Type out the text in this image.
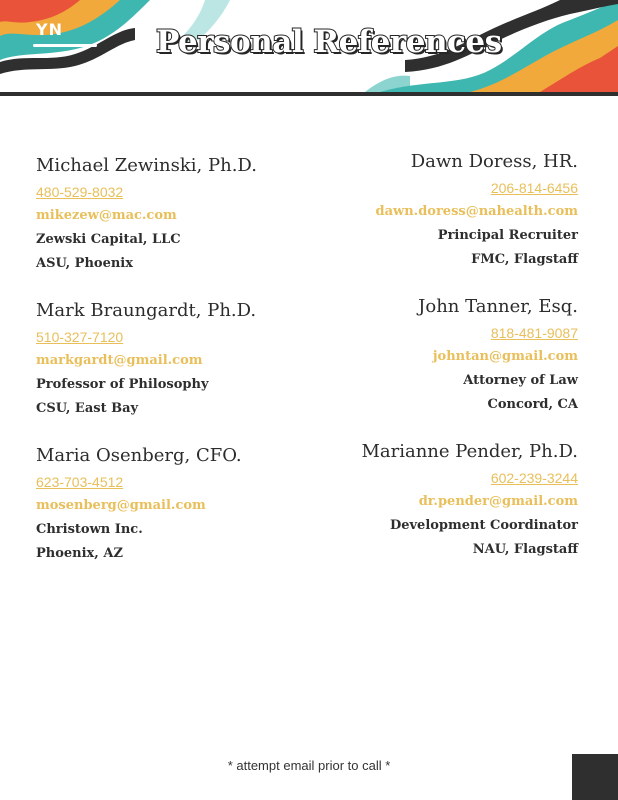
YN	Personal References
Michael Zewinski, Ph.D.
480-529-8032
mikezew@mac.com
Zewski Capital, LLC
ASU, Phoenix
Mark Braungardt, Ph.D.
510-327-7120
markgardt@gmail.com
Professor of Philosophy
CSU, East Bay
Maria Osenberg, CFO.
623-703-4512
mosenberg@gmail.com
Christown Inc.
Phoenix, AZ
Dawn Doress, HR.
206-814-6456
dawn.doress@nahealth.com
Principal Recruiter
FMC, Flagstaff
John Tanner, Esq.
818-481-9087
johntan@gmail.com
Attorney of Law
Concord, CA
Marianne Pender, Ph.D.
602-239-3244
dr.pender@gmail.com
Development Coordinator
NAU, Flagstaff
* attempt email prior to call *
